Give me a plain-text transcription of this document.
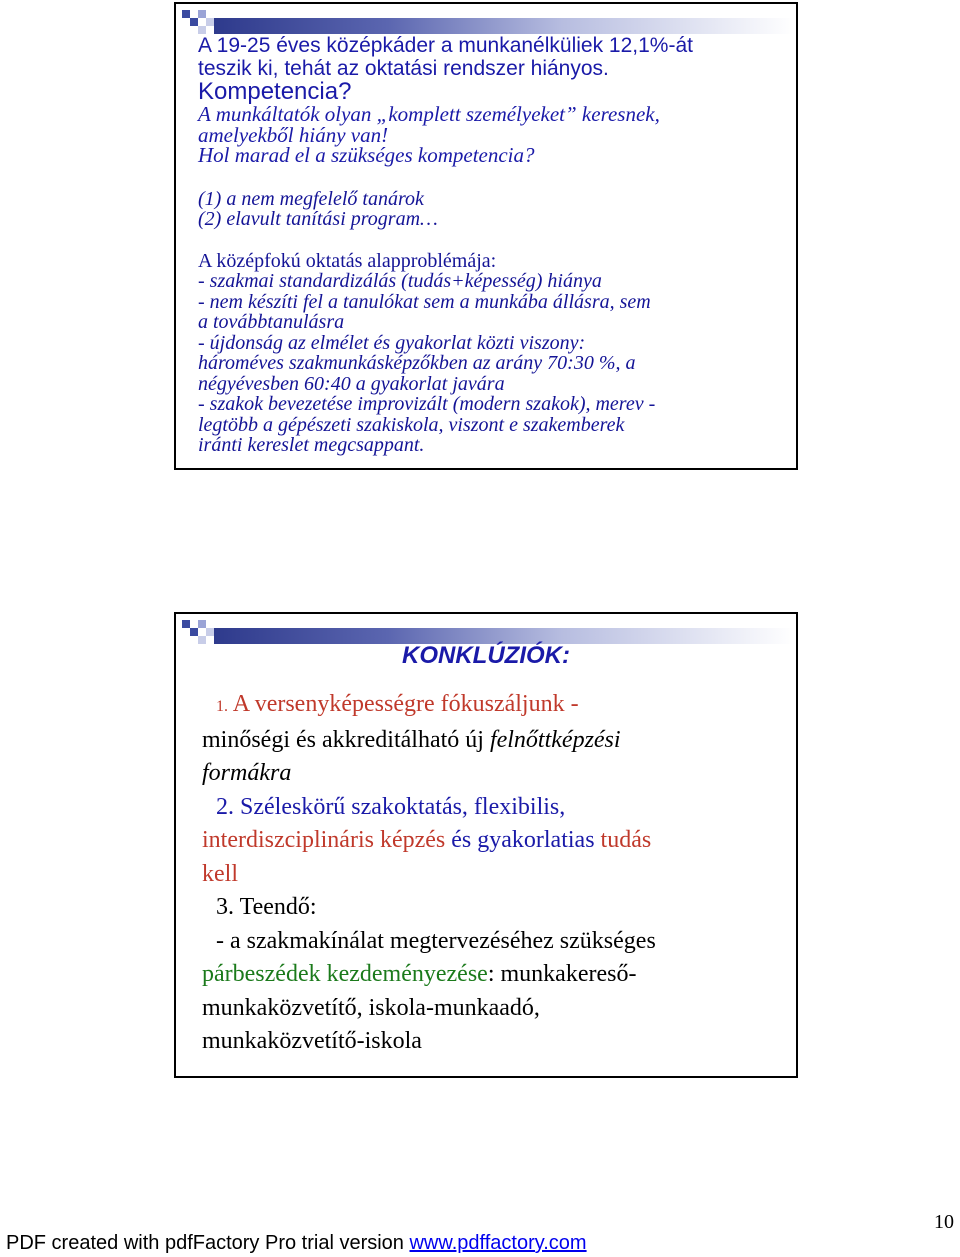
A 19-25 éves középkáder a munkanélküliek 12,1%-át
teszik ki, tehát az oktatási rendszer hiányos.
Kompetencia?
A munkáltatók olyan „komplett személyeket” keresnek,
amelyekből hiány van!
Hol marad el a szükséges kompetencia?
(1) a nem megfelelő tanárok
(2) elavult tanítási program…
A középfokú oktatás alapproblémája:
- szakmai standardizálás (tudás+képesség) hiánya
- nem készíti fel a tanulókat sem a munkába állásra, sem
a továbbtanulásra
- újdonság az elmélet és gyakorlat közti viszony:
hároméves szakmunkásképzőkben az arány 70:30 %, a
négyévesben 60:40 a gyakorlat javára
- szakok bevezetése improvizált (modern szakok), merev -
legtöbb a gépészeti szakiskola, viszont e szakemberek
iránti kereslet megcsappant.
KONKLÚZIÓK:
1. A versenyképességre fókuszáljunk -
minőségi és akkreditálható új felnőttképzési
formákra
2. Széleskörű szakoktatás, flexibilis,
interdiszciplináris képzés és gyakorlatias tudás
kell
3. Teendő:
- a szakmakínálat megtervezéséhez szükséges
párbeszédek kezdeményezése: munkakereső-
munkaközvetítő, iskola-munkaadó,
munkaközvetítő-iskola
10
PDF created with pdfFactory Pro trial version www.pdffactory.com
